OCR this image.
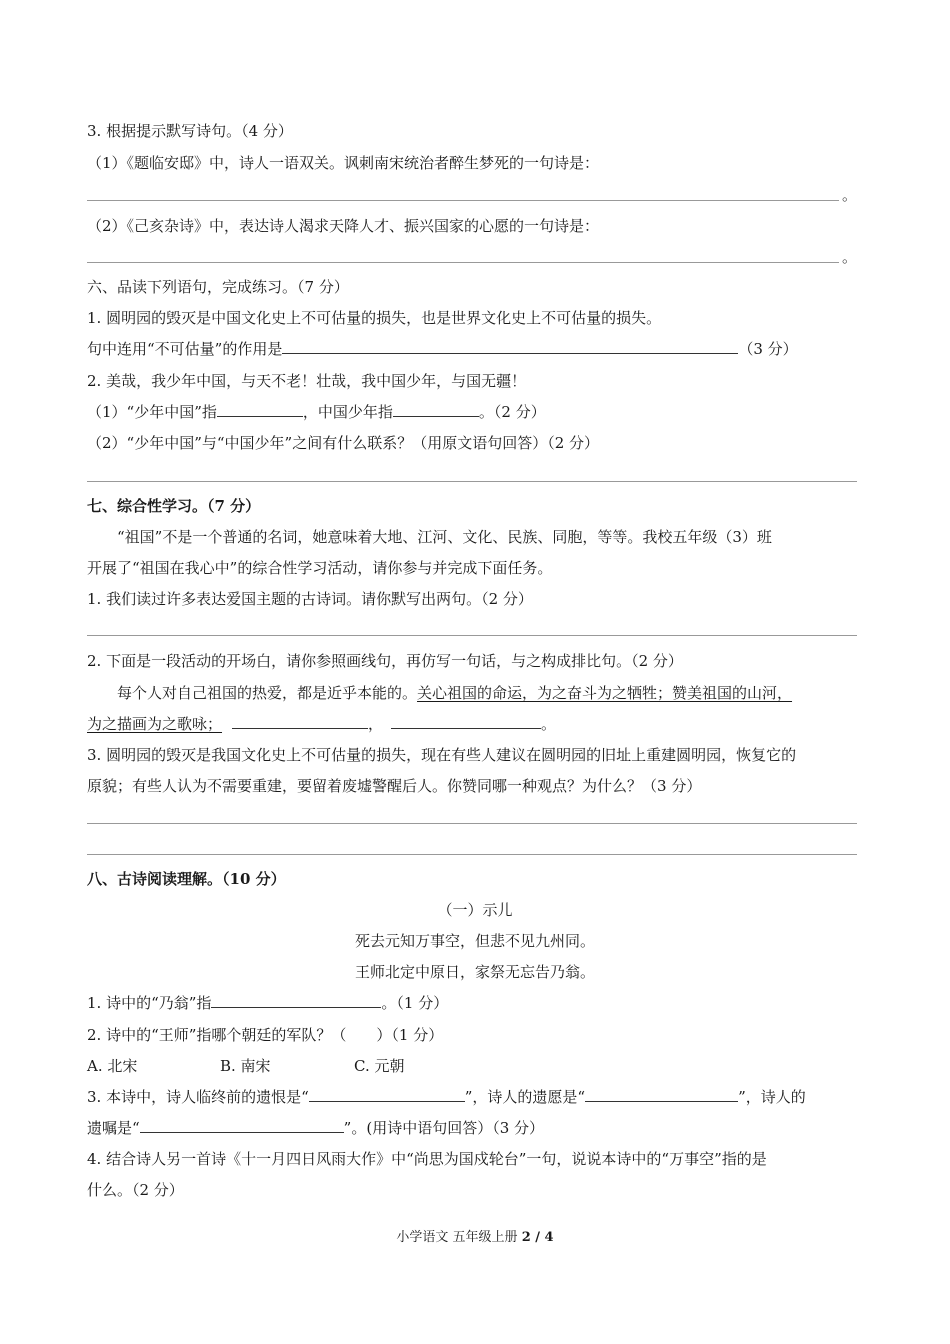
3. 根据提示默写诗句。（4 分）
（1）《题临安邸》中，诗人一语双关。讽刺南宋统治者醉生梦死的一句诗是：
。
（2）《己亥杂诗》中，表达诗人渴求天降人才、振兴国家的心愿的一句诗是：
。
六、品读下列语句，完成练习。（7 分）
1. 圆明园的毁灭是中国文化史上不可估量的损失，也是世界文化史上不可估量的损失。
句中连用“不可估量”的作用是	（3 分）
2. 美哉，我少年中国，与天不老！壮哉，我中国少年，与国无疆！
（1）“少年中国”指	，中国少年指	。（2 分）
（2）“少年中国”与“中国少年”之间有什么联系？（用原文语句回答）（2 分）
七、综合性学习。（7 分）
“祖国”不是一个普通的名词，她意味着大地、江河、文化、民族、同胞，等等。我校五年级（3）班
开展了“祖国在我心中”的综合性学习活动，请你参与并完成下面任务。
1. 我们读过许多表达爱国主题的古诗词。请你默写出两句。（2 分）
2. 下面是一段活动的开场白，请你参照画线句，再仿写一句话，与之构成排比句。（2 分）
每个人对自己祖国的热爱，都是近乎本能的。关心祖国的命运，为之奋斗为之牺牲；赞美祖国的山河，
为之描画为之歌咏；	，	。
3. 圆明园的毁灭是我国文化史上不可估量的损失，现在有些人建议在圆明园的旧址上重建圆明园，恢复它的
原貌；有些人认为不需要重建，要留着废墟警醒后人。你赞同哪一种观点？为什么？（3 分）
八、古诗阅读理解。（10 分）
（一）示儿
死去元知万事空，但悲不见九州同。
王师北定中原日，家祭无忘告乃翁。
1. 诗中的“乃翁”指	。（1 分）
2. 诗中的“王师”指哪个朝廷的军队？（　　）（1 分）
A. 北宋	B. 南宋	C. 元朝
3. 本诗中，诗人临终前的遗恨是“	”，诗人的遗愿是“	”，诗人的
遗嘱是“	”。(用诗中语句回答）（3 分）
4. 结合诗人另一首诗《十一月四日风雨大作》中“尚思为国戍轮台”一句，说说本诗中的“万事空”指的是
什么。（2 分）
小学语文 五年级上册 2 / 4
